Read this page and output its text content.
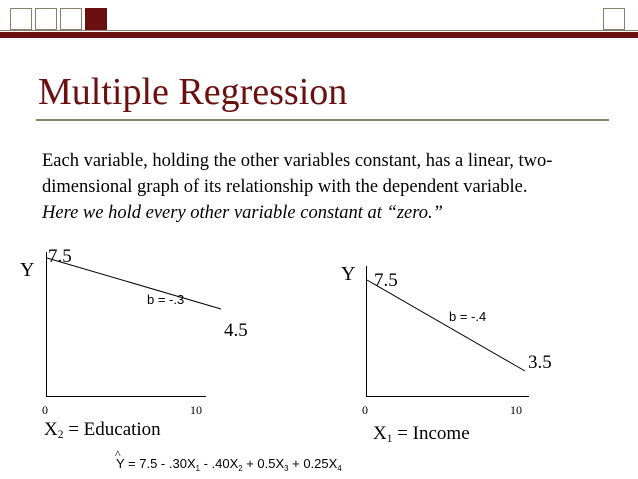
Multiple Regression

Each variable, holding the other variables constant, has a linear, two-dimensional graph of its relationship with the dependent variable.

Here we hold every other variable constant at “zero.”

Y
7.5
b = -.3
4.5
0	10
$X_2$ = Education
Y 7.5
b = -.4
3.5
0	10
$X_1$ = Income
^
$Y = 7.5 - .30X_1 - .40X_2 + 0.5X_3 + 0.25X_4$
